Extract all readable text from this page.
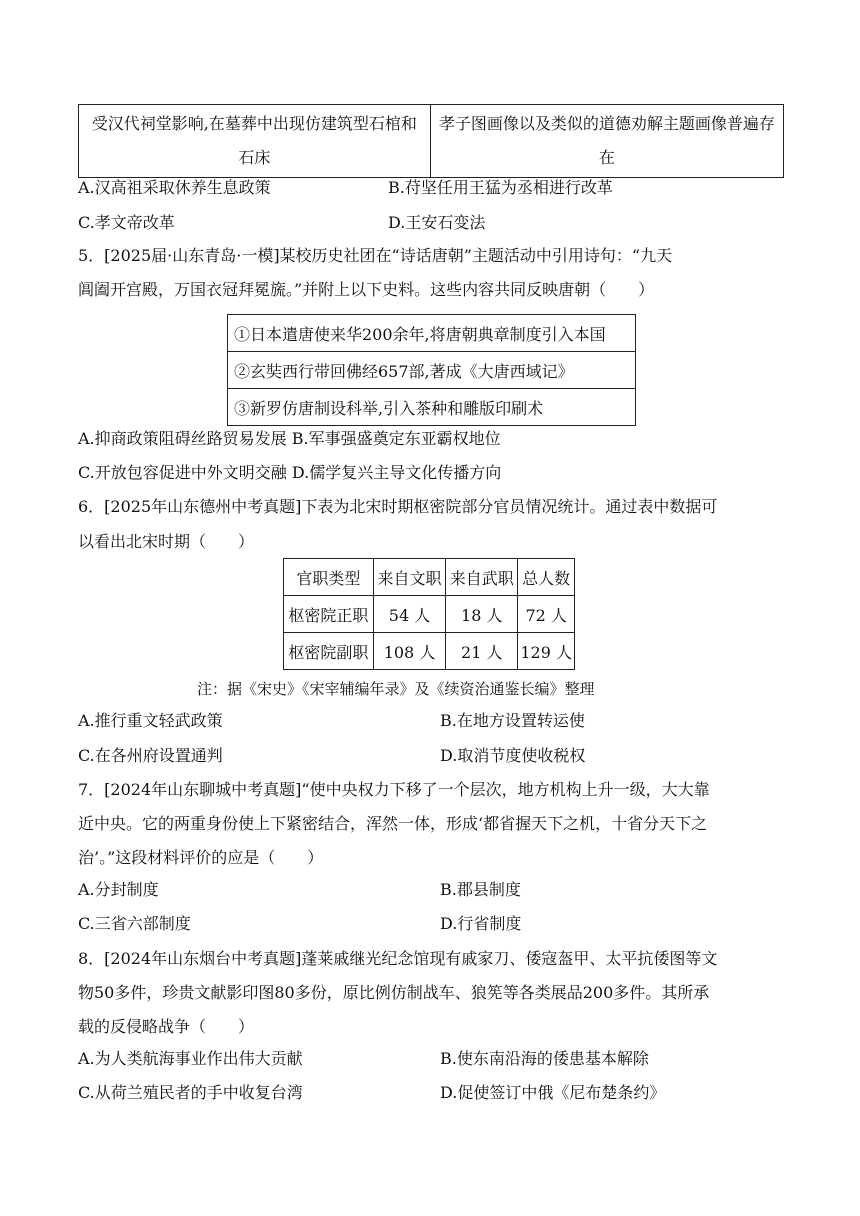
受汉代祠堂影响,在墓葬中出现仿建筑型石棺和石床	孝子图画像以及类似的道德劝解主题画像普遍存在
A.汉高祖采取休养生息政策	B.苻坚任用王猛为丞相进行改革
C.孝文帝改革	D.王安石变法
5．[2025届·山东青岛·一模]某校历史社团在“诗话唐朝”主题活动中引用诗句：“九天
阊阖开宫殿，万国衣冠拜冕旒。”并附上以下史料。这些内容共同反映唐朝（　　）
①日本遣唐使来华200余年,将唐朝典章制度引入本国
②玄奘西行带回佛经657部,著成《大唐西域记》
③新罗仿唐制设科举,引入茶种和雕版印刷术
A.抑商政策阻碍丝路贸易发展 B.军事强盛奠定东亚霸权地位
C.开放包容促进中外文明交融 D.儒学复兴主导文化传播方向
6．[2025年山东德州中考真题]下表为北宋时期枢密院部分官员情况统计。通过表中数据可
以看出北宋时期（　　）
官职类型	来自文职	来自武职	总人数
枢密院正职	54 人	18 人	72 人
枢密院副职	108 人	21 人	129 人
注：据《宋史》《宋宰辅编年录》及《续资治通鉴长编》整理
A.推行重文轻武政策	B.在地方设置转运使
C.在各州府设置通判	D.取消节度使收税权
7．[2024年山东聊城中考真题]“使中央权力下移了一个层次，地方机构上升一级，大大靠
近中央。它的两重身份使上下紧密结合，浑然一体，形成‘都省握天下之机，十省分天下之
治’。”这段材料评价的应是（　　）
A.分封制度	B.郡县制度
C.三省六部制度	D.行省制度
8．[2024年山东烟台中考真题]蓬莱戚继光纪念馆现有戚家刀、倭寇盔甲、太平抗倭图等文
物50多件，珍贵文献影印图80多份，原比例仿制战车、狼筅等各类展品200多件。其所承
载的反侵略战争（　　）
A.为人类航海事业作出伟大贡献	B.使东南沿海的倭患基本解除
C.从荷兰殖民者的手中收复台湾	D.促使签订中俄《尼布楚条约》
